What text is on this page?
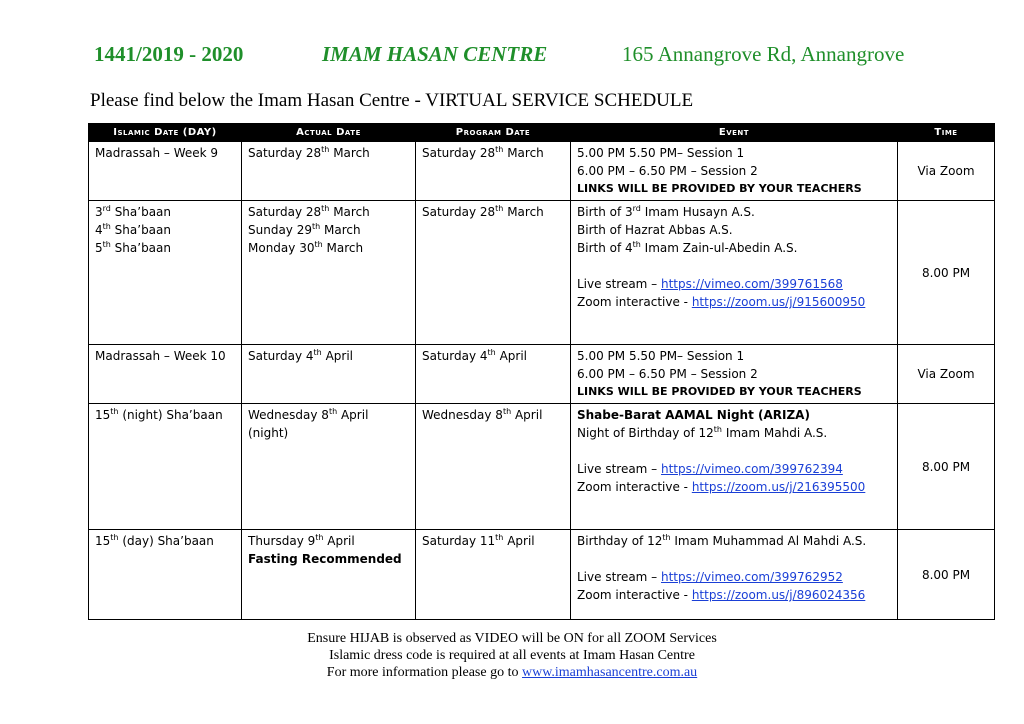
1441/2019 - 2020	IMAM HASAN CENTRE	165 Annangrove Rd, Annangrove
Please find below the Imam Hasan Centre - VIRTUAL SERVICE SCHEDULE
Islamic Date (DAY)	Actual Date	Program Date	Event	Time

Madrassah – Week 9	Saturday 28th March	Saturday 28th March	5.00 PM 5.50 PM– Session 1
6.00 PM – 6.50 PM – Session 2
LINKS WILL BE PROVIDED BY YOUR TEACHERS	Via Zoom

3rd Sha’baan
4th Sha’baan
5th Sha’baan	Saturday 28th March
Sunday 29th March
Monday 30th March	Saturday 28th March	Birth of 3rd Imam Husayn A.S.
Birth of Hazrat Abbas A.S.
Birth of 4th Imam Zain-ul-Abedin A.S.
Live stream – https://vimeo.com/399761568
Zoom interactive - https://zoom.us/j/915600950	8.00 PM

Madrassah – Week 10	Saturday 4th April	Saturday 4th April	5.00 PM 5.50 PM– Session 1
6.00 PM – 6.50 PM – Session 2
LINKS WILL BE PROVIDED BY YOUR TEACHERS	Via Zoom

15th (night) Sha’baan	Wednesday 8th April
(night)	Wednesday 8th April	Shabe-Barat AAMAL Night (ARIZA)
Night of Birthday of 12th Imam Mahdi A.S.
Live stream – https://vimeo.com/399762394
Zoom interactive - https://zoom.us/j/216395500	8.00 PM

15th (day) Sha’baan	Thursday 9th April
Fasting Recommended	Saturday 11th April	Birthday of 12th Imam Muhammad Al Mahdi A.S.
Live stream – https://vimeo.com/399762952
Zoom interactive - https://zoom.us/j/896024356	8.00 PM
Ensure HIJAB is observed as VIDEO will be ON for all ZOOM Services
Islamic dress code is required at all events at Imam Hasan Centre
For more information please go to www.imamhasancentre.com.au
